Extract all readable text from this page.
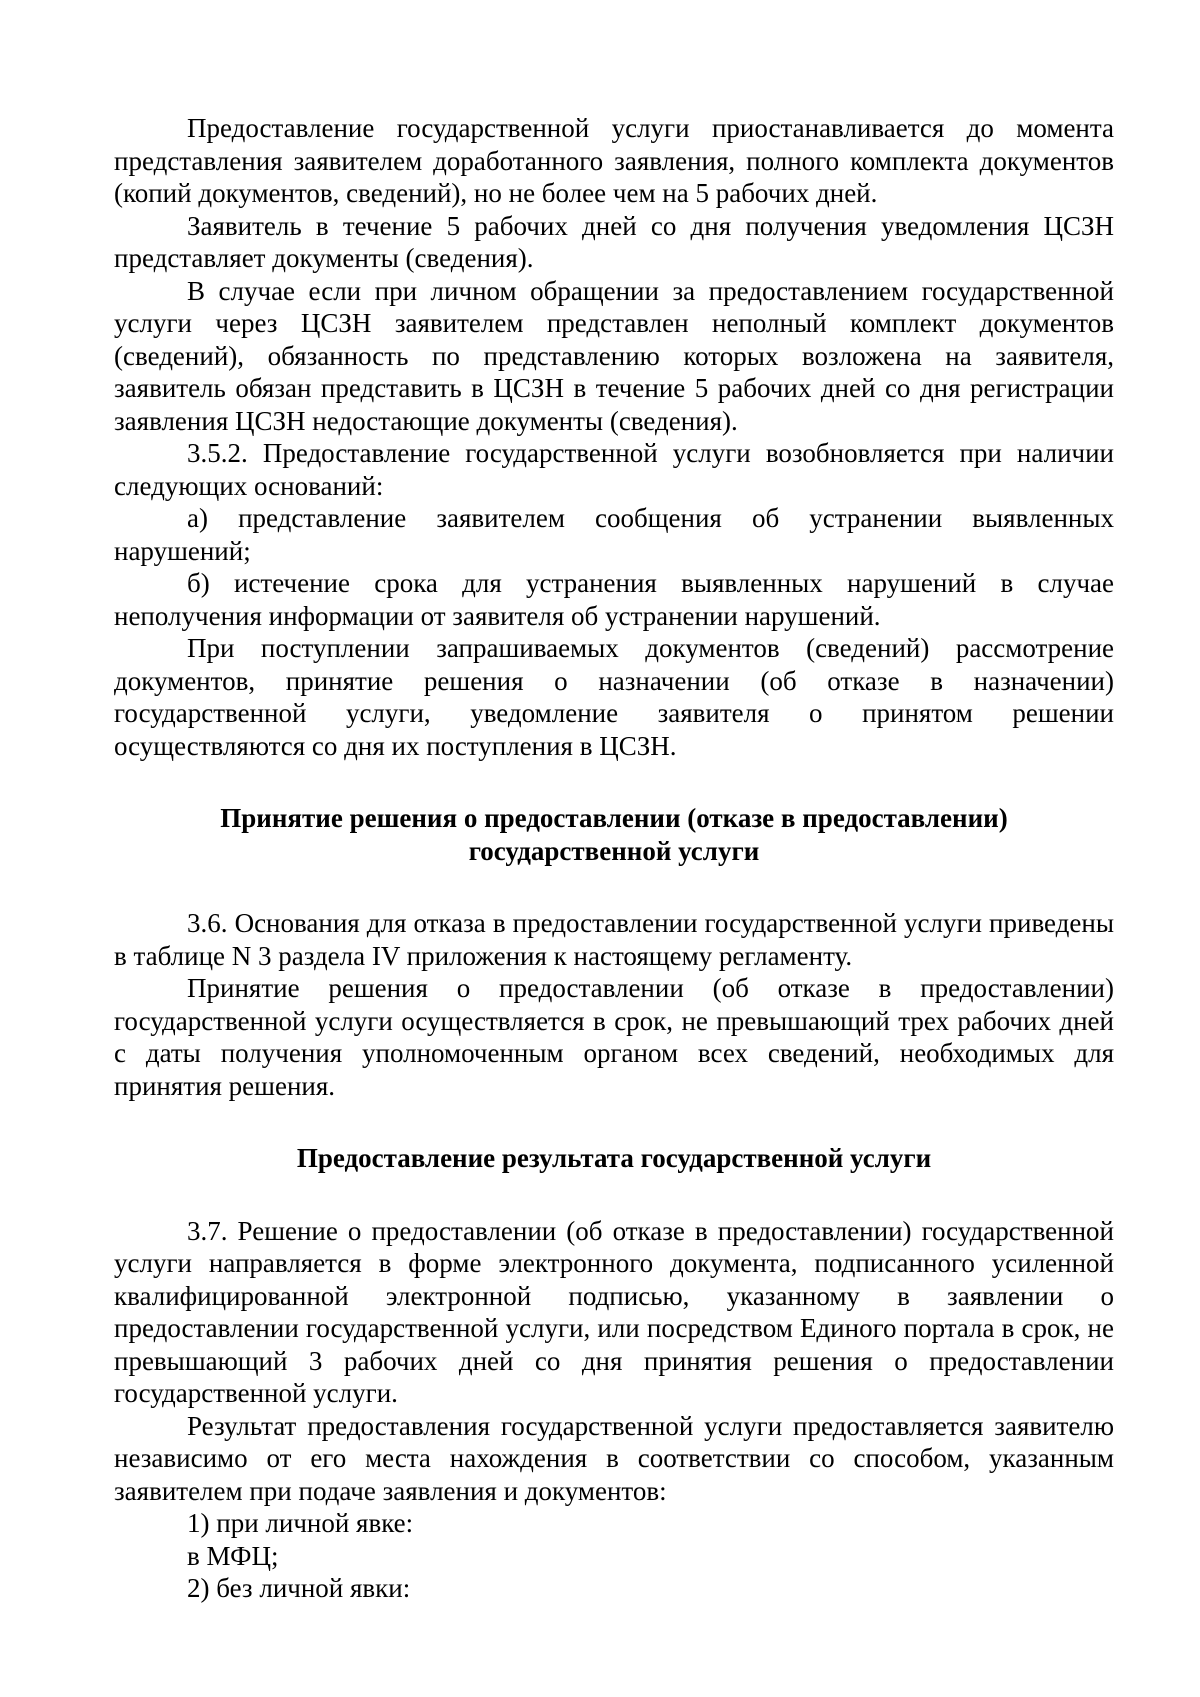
Предоставление государственной услуги приостанавливается до момента представления заявителем доработанного заявления, полного комплекта документов (копий документов, сведений), но не более чем на 5 рабочих дней.

Заявитель в течение 5 рабочих дней со дня получения уведомления ЦСЗН представляет документы (сведения).

В случае если при личном обращении за предоставлением государственной услуги через ЦСЗН заявителем представлен неполный комплект документов (сведений), обязанность по представлению которых возложена на заявителя, заявитель обязан представить в ЦСЗН в течение 5 рабочих дней со дня регистрации заявления ЦСЗН недостающие документы (сведения).

3.5.2. Предоставление государственной услуги возобновляется при наличии следующих оснований:

а) представление заявителем сообщения об устранении выявленных нарушений;

б) истечение срока для устранения выявленных нарушений в случае неполучения информации от заявителя об устранении нарушений.

При поступлении запрашиваемых документов (сведений) рассмотрение документов, принятие решения о назначении (об отказе в назначении) государственной услуги, уведомление заявителя о принятом решении осуществляются со дня их поступления в ЦСЗН.

Принятие решения о предоставлении (отказе в предоставлении)
государственной услуги

3.6. Основания для отказа в предоставлении государственной услуги приведены в таблице N 3 раздела IV приложения к настоящему регламенту.

Принятие решения о предоставлении (об отказе в предоставлении) государственной услуги осуществляется в срок, не превышающий трех рабочих дней с даты получения уполномоченным органом всех сведений, необходимых для принятия решения.

Предоставление результата государственной услуги

3.7. Решение о предоставлении (об отказе в предоставлении) государственной услуги направляется в форме электронного документа, подписанного усиленной квалифицированной электронной подписью, указанному в заявлении о предоставлении государственной услуги, или посредством Единого портала в срок, не превышающий 3 рабочих дней со дня принятия решения о предоставлении государственной услуги.

Результат предоставления государственной услуги предоставляется заявителю независимо от его места нахождения в соответствии со способом, указанным заявителем при подаче заявления и документов:

1) при личной явке:

в МФЦ;

2) без личной явки:
